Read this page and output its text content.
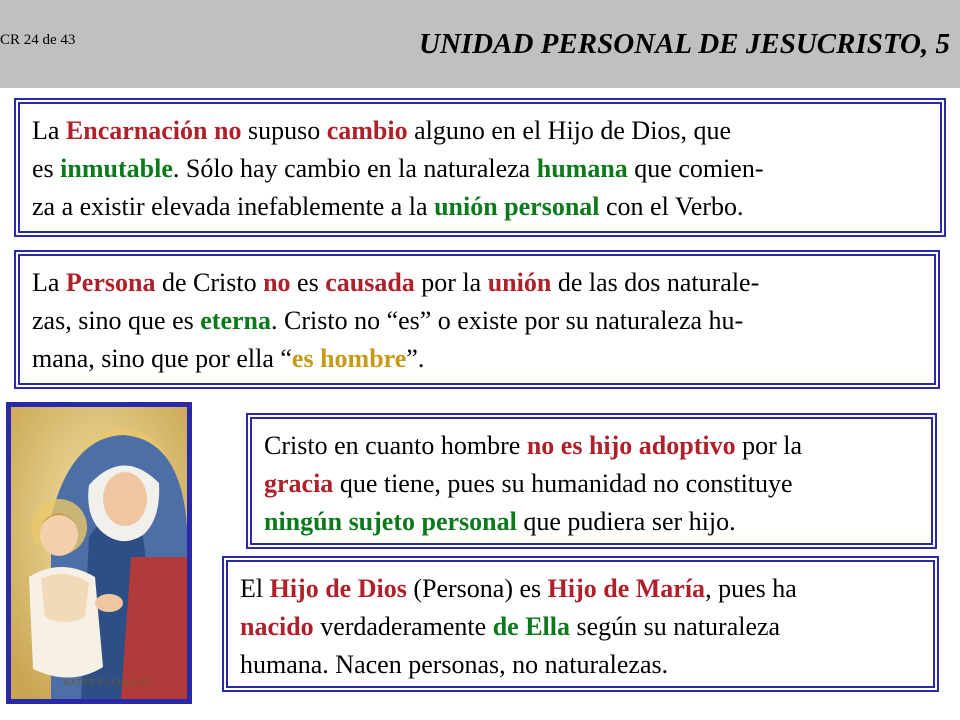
CR 24 de 43	UNIDAD PERSONAL DE JESUCRISTO, 5
La Encarnación no supuso cambio alguno en el Hijo de Dios, que
es inmutable. Sólo hay cambio en la naturaleza humana que comien-
za a existir elevada inefablemente a la unión personal con el Verbo.
La Persona de Cristo no es causada por la unión de las dos naturale-
zas, sino que es eterna. Cristo no “es” o existe por su naturaleza hu-
mana, sino que por ella “es hombre”.
MATER ECCLESIAE
Cristo en cuanto hombre no es hijo adoptivo por la
gracia que tiene, pues su humanidad no constituye
ningún sujeto personal que pudiera ser hijo.
El Hijo de Dios (Persona) es Hijo de María, pues ha
nacido verdaderamente de Ella según su naturaleza
humana. Nacen personas, no naturalezas.
